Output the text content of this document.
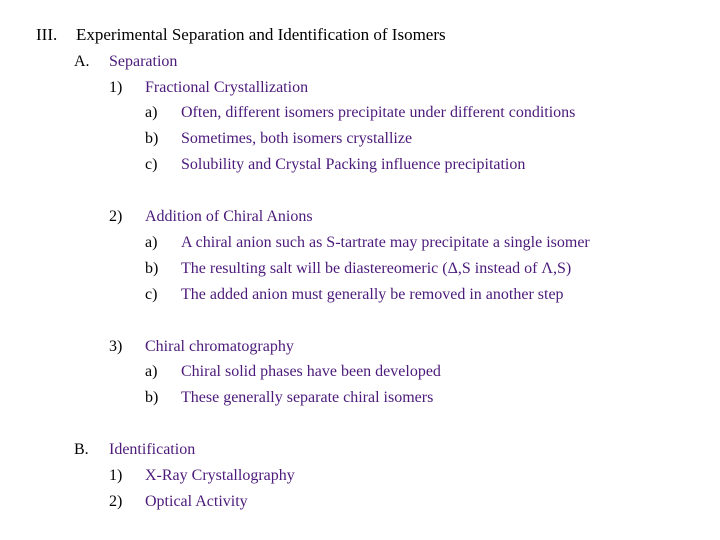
III. Experimental Separation and Identification of Isomers
A. Separation
1) Fractional Crystallization
a) Often, different isomers precipitate under different conditions
b) Sometimes, both isomers crystallize
c) Solubility and Crystal Packing influence precipitation
2) Addition of Chiral Anions
a) A chiral anion such as S-tartrate may precipitate a single isomer
b) The resulting salt will be diastereomeric (Δ,S instead of Λ,S)
c) The added anion must generally be removed in another step
3) Chiral chromatography
a) Chiral solid phases have been developed
b) These generally separate chiral isomers
B. Identification
1) X-Ray Crystallography
2) Optical Activity
